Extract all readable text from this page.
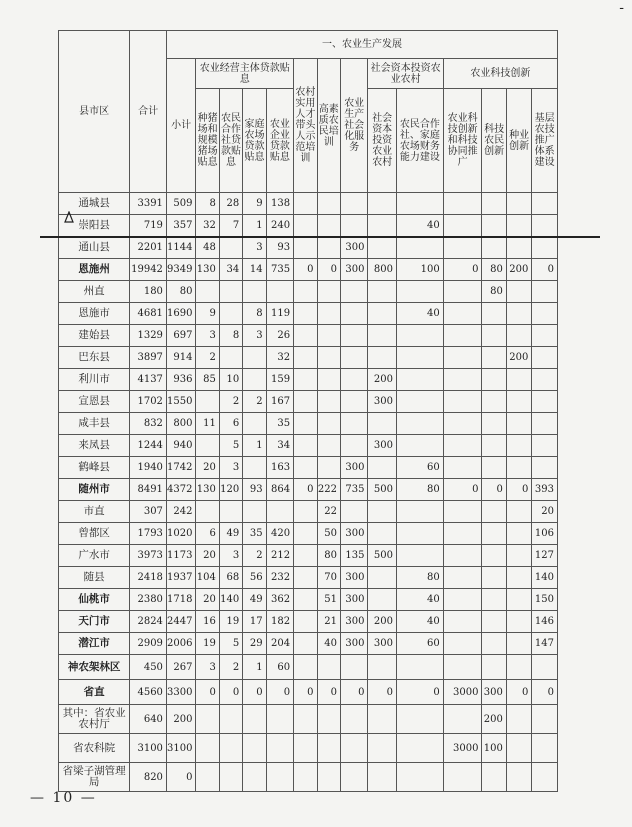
-
县市区	合计	一、农业生产发展													
		小计	农业经营主体贷款贴息				农村实用人才带头人示范培训	高素质农民培训	农业生产社会化服务	社会资本投资农业农村		农业科技创新			
			种猪场和规模猪场贴息	农民合作社贷款贴息	家庭农场贷款贴息	农业企业贷款贴息				社会资本投资农业农村	农民合作社、家庭农场财务能力建设	农业科技创新和科技协同推广	科技农民创新	种业创新	基层农技推广体系建设
通城县	3391	509	8	28	9	138									
崇阳县	719	357	32	7	1	240					40				
通山县	2201	1144	48		3	93			300						
恩施州	19942	9349	130	34	14	735	0	0	300	800	100	0	80	200	0
州直	180	80											80		
恩施市	4681	1690	9		8	119					40				
建始县	1329	697	3	8	3	26									
巴东县	3897	914	2			32								200	
利川市	4137	936	85	10		159				200					
宣恩县	1702	1550		2	2	167				300					
咸丰县	832	800	11	6		35									
来凤县	1244	940		5	1	34				300					
鹤峰县	1940	1742	20	3		163			300		60				
随州市	8491	4372	130	120	93	864	0	222	735	500	80	0	0	0	393
市直	307	242						22							20
曾都区	1793	1020	6	49	35	420		50	300						106
广水市	3973	1173	20	3	2	212		80	135	500					127
随县	2418	1937	104	68	56	232		70	300		80				140
仙桃市	2380	1718	20	140	49	362		51	300		40				150
天门市	2824	2447	16	19	17	182		21	300	200	40				146
潜江市	2909	2006	19	5	29	204		40	300	300	60				147
神农架林区	450	267	3	2	1	60									
省直	4560	3300	0	0	0	0	0	0	0	0	0	3000	300	0	0
其中：省农业农村厅	640	200											200		
省农科院	3100	3100										3000	100		
省梁子湖管理局	820	0													
— 10 —
